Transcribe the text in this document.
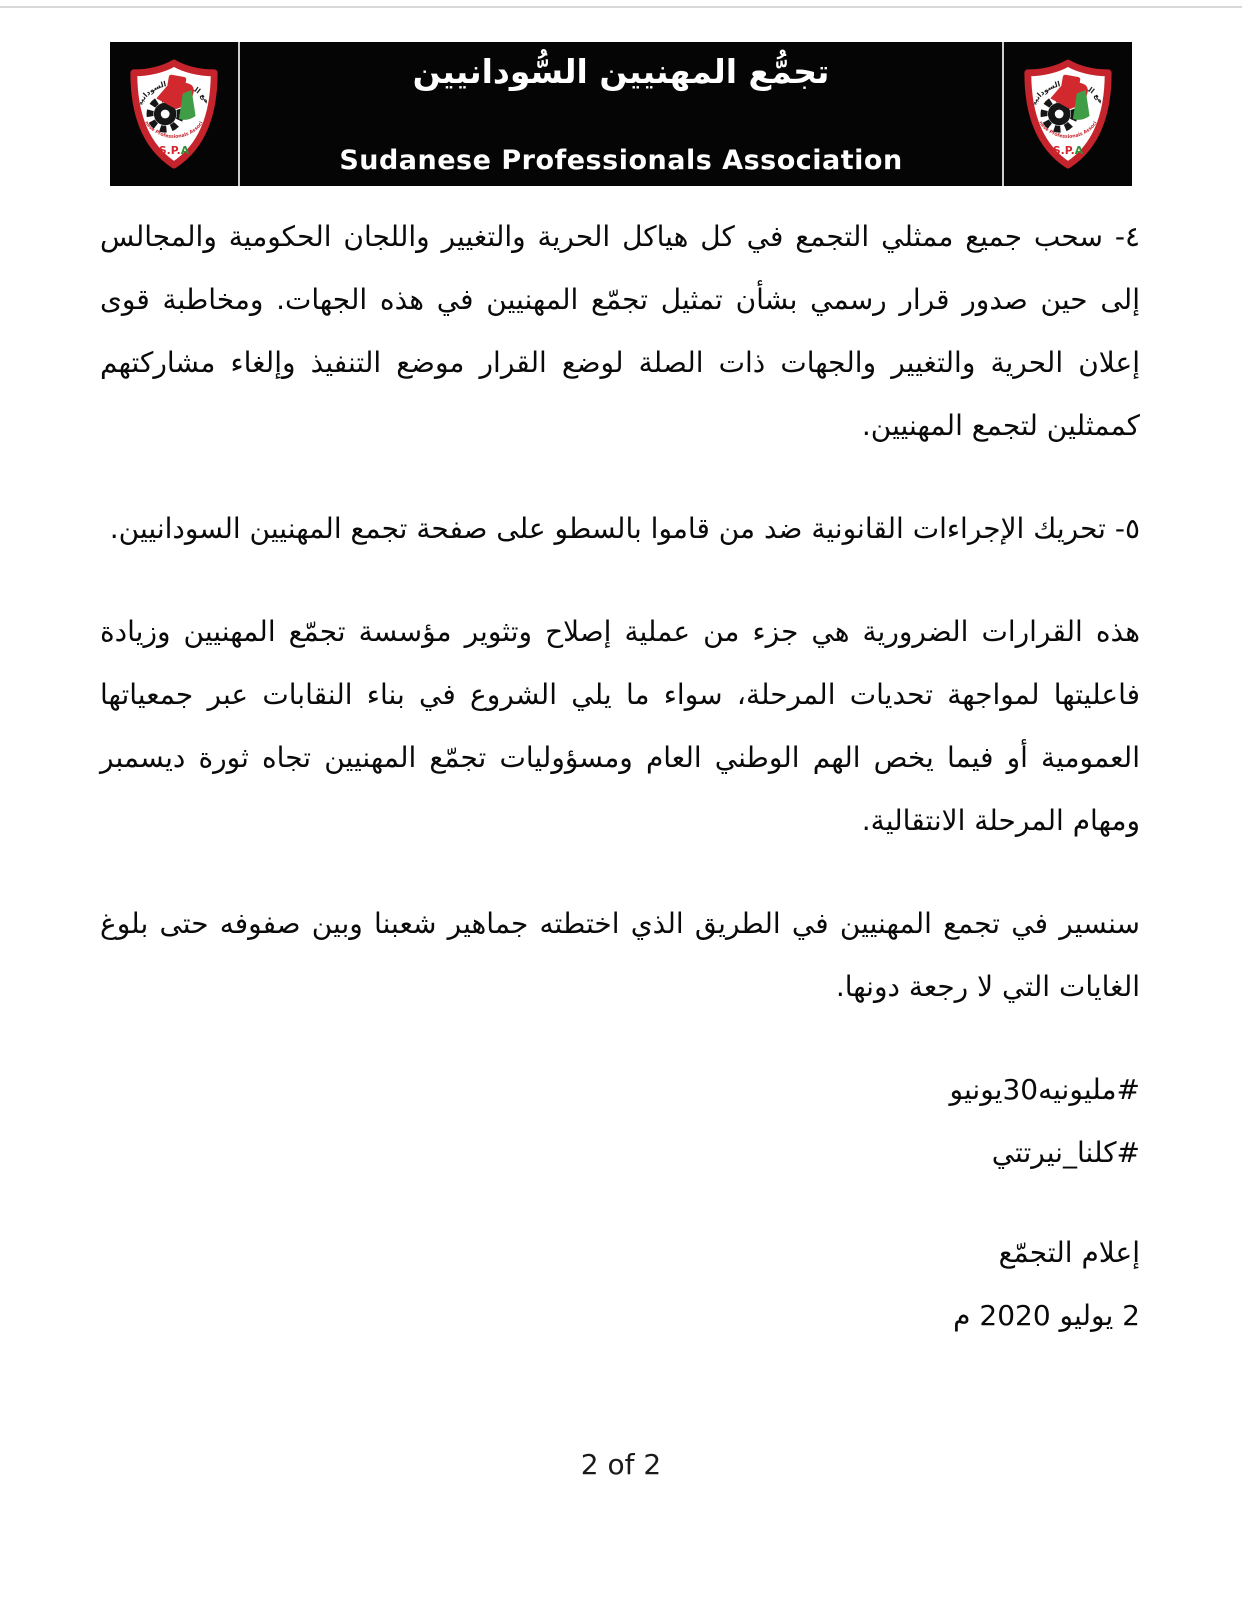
تجمُّع المهنيين السُّودانيين
Sudanese Professionals Association

٤- سحب جميع ممثلي التجمع في كل هياكل الحرية والتغيير واللجان الحكومية والمجالس إلى حين صدور قرار رسمي بشأن تمثيل تجمّع المهنيين في هذه الجهات. ومخاطبة قوى إعلان الحرية والتغيير والجهات ذات الصلة لوضع القرار موضع التنفيذ وإلغاء مشاركتهم كممثلين لتجمع المهنيين.

٥- تحريك الإجراءات القانونية ضد من قاموا بالسطو على صفحة تجمع المهنيين السودانيين.

هذه القرارات الضرورية هي جزء من عملية إصلاح وتثوير مؤسسة تجمّع المهنيين وزيادة فاعليتها لمواجهة تحديات المرحلة، سواء ما يلي الشروع في بناء النقابات عبر جمعياتها العمومية أو فيما يخص الهم الوطني العام ومسؤوليات تجمّع المهنيين تجاه ثورة ديسمبر ومهام المرحلة الانتقالية.

سنسير في تجمع المهنيين في الطريق الذي اختطته جماهير شعبنا وبين صفوفه حتى بلوغ الغايات التي لا رجعة دونها.

#مليونيه30يونيو

#كلنا_نيرتتي

إعلام التجمّع

2 يوليو 2020 م

2 of 2
